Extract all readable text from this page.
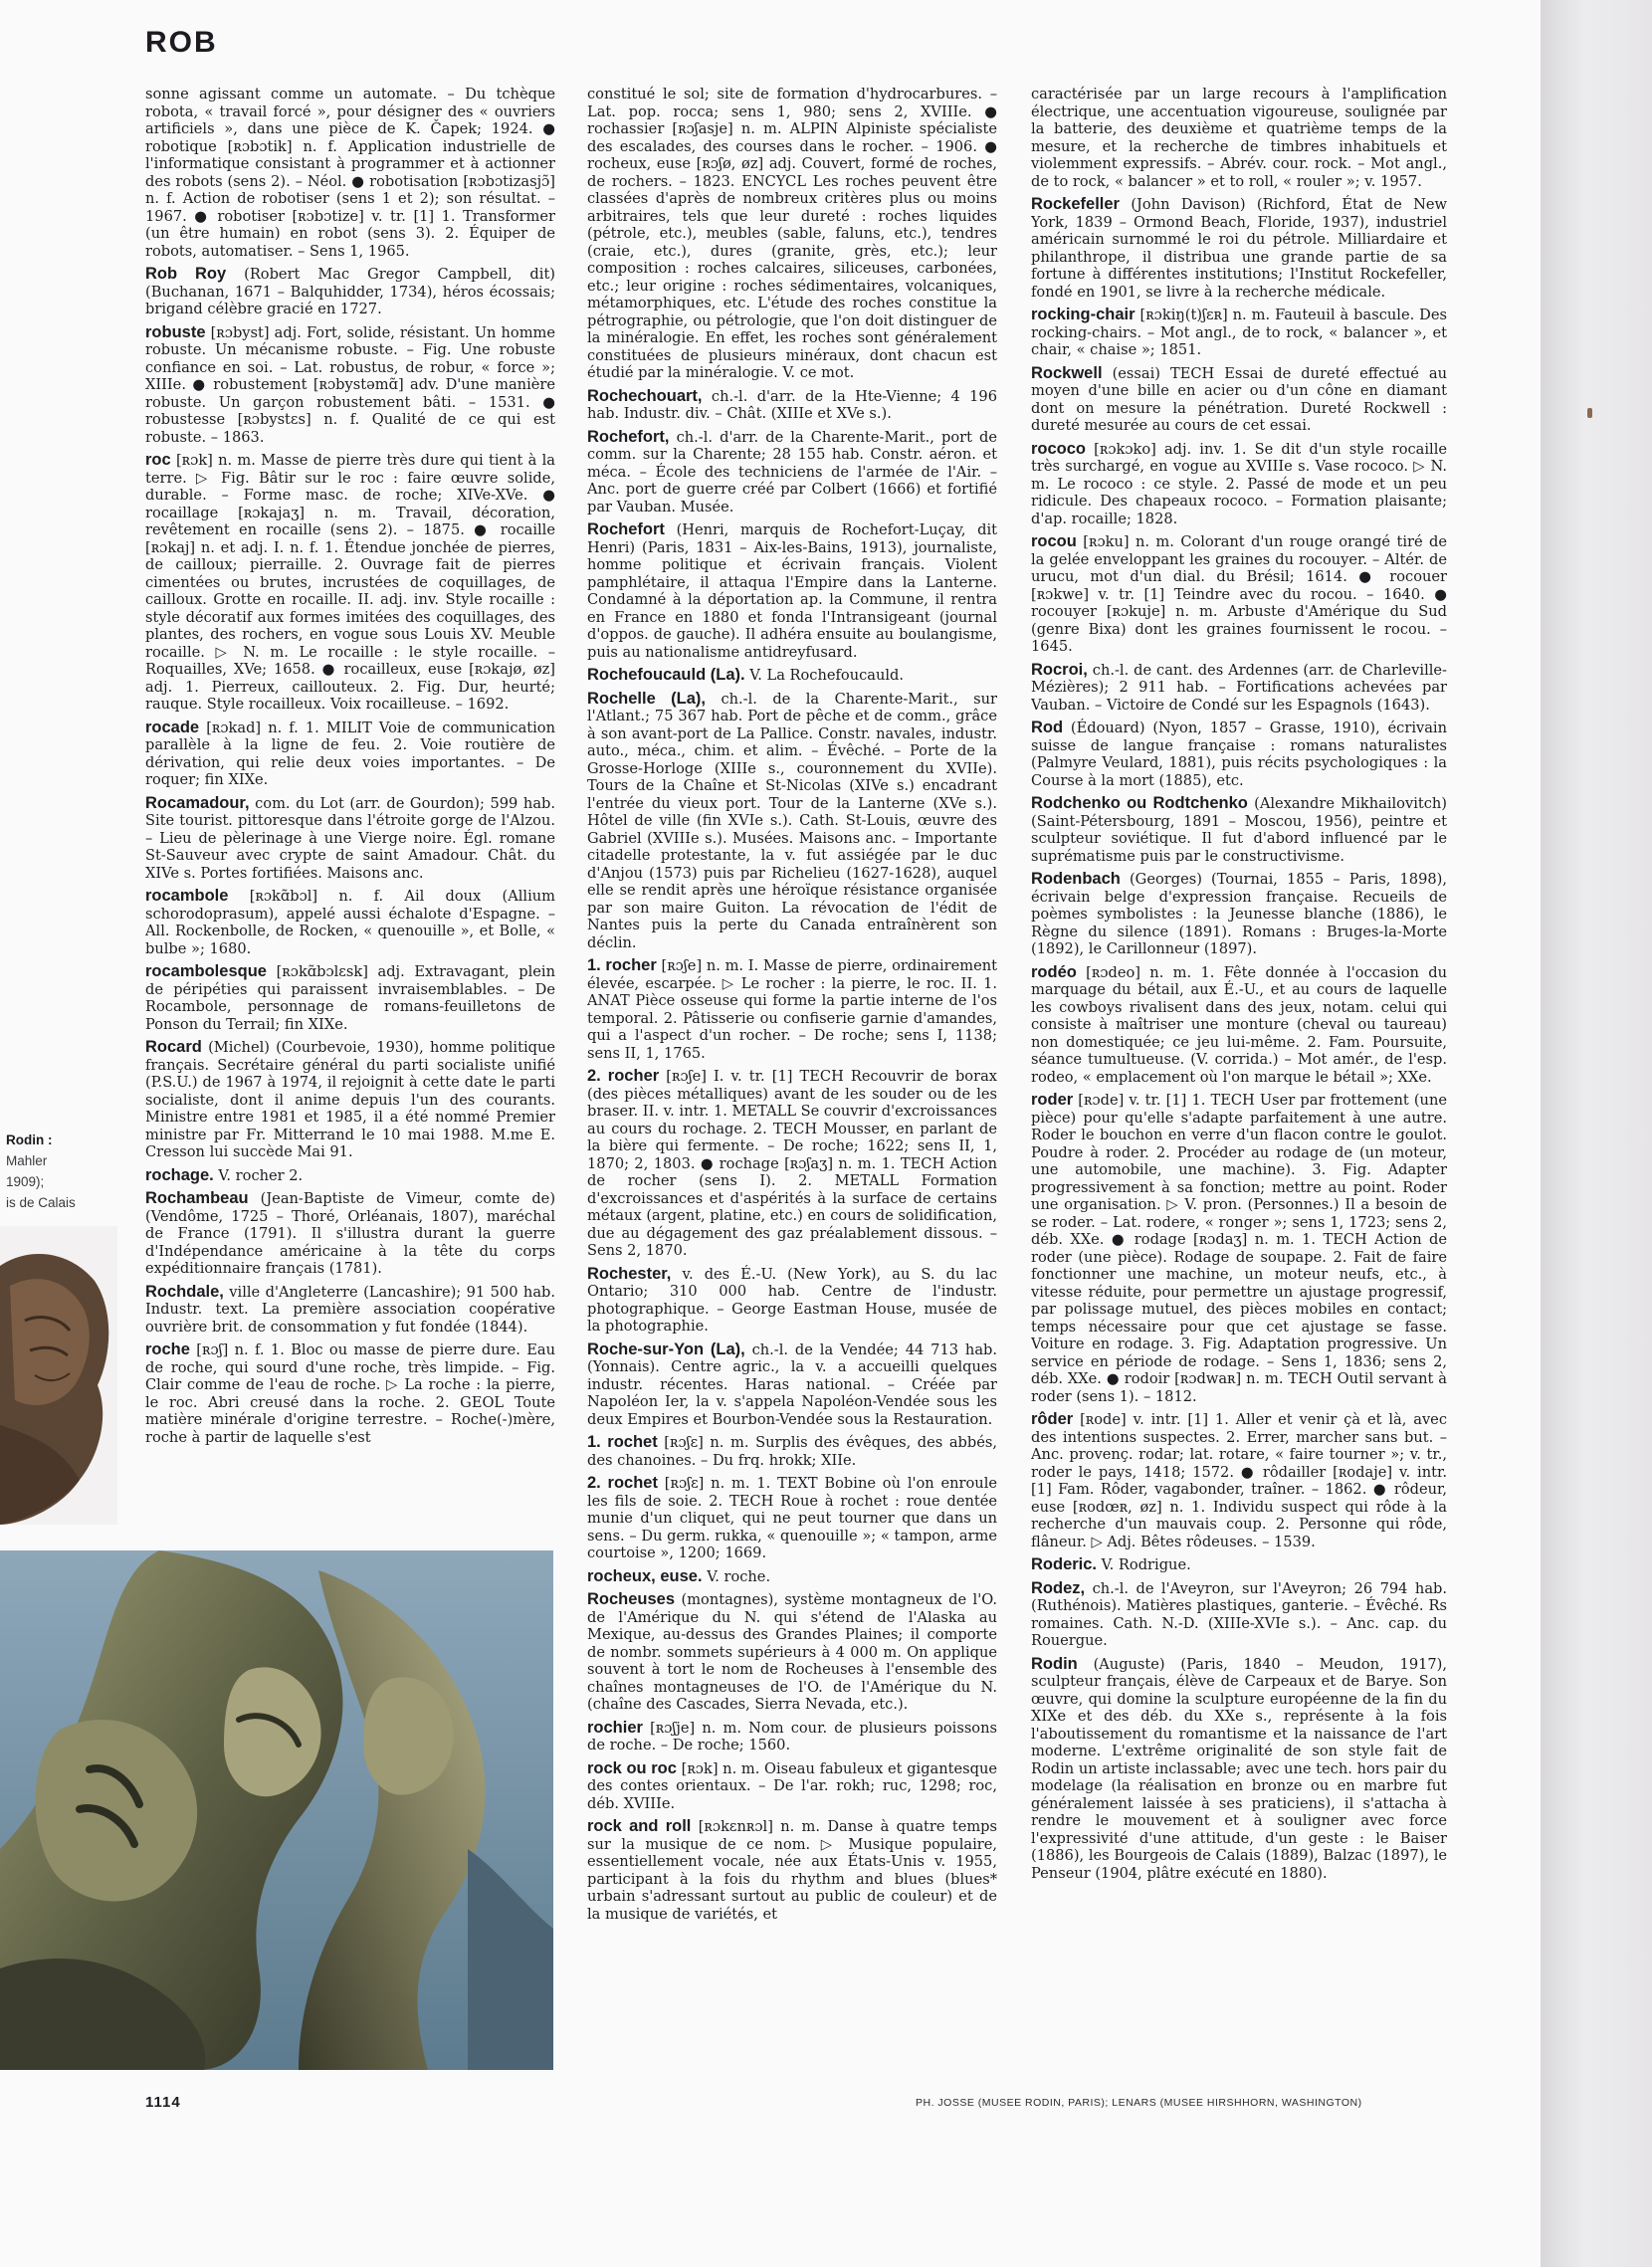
ROB

sonne agissant comme un automate. – Du tchèque robota, « travail forcé », pour désigner des « ouvriers artificiels », dans une pièce de K. Čapek; 1924. ● robotique [ʀɔbɔtik] n. f. Application industrielle de l'informatique consistant à programmer et à actionner des robots (sens 2). – Néol. ● robotisation [ʀɔbɔtizasjɔ̃] n. f. Action de robotiser (sens 1 et 2); son résultat. – 1967. ● robotiser [ʀɔbɔtize] v. tr. [1] 1. Transformer (un être humain) en robot (sens 3). 2. Équiper de robots, automatiser. – Sens 1, 1965.

Rob Roy (Robert Mac Gregor Campbell, dit) (Buchanan, 1671 – Balquhidder, 1734), héros écossais; brigand célèbre gracié en 1727.

robuste [ʀɔbyst] adj. Fort, solide, résistant. Un homme robuste. Un mécanisme robuste. – Fig. Une robuste confiance en soi. – Lat. robustus, de robur, « force »; XIIIe. ● robustement [ʀɔbystəmɑ̃] adv. D'une manière robuste. Un garçon robustement bâti. – 1531. ● robustesse [ʀɔbystɛs] n. f. Qualité de ce qui est robuste. – 1863.

roc [ʀɔk] n. m. Masse de pierre très dure qui tient à la terre. ▷ Fig. Bâtir sur le roc : faire œuvre solide, durable. – Forme masc. de roche; XIVe-XVe. ● rocaillage [ʀɔkajaʒ] n. m. Travail, décoration, revêtement en rocaille (sens 2). – 1875. ● rocaille [ʀɔkaj] n. et adj. I. n. f. 1. Étendue jonchée de pierres, de cailloux; pierraille. 2. Ouvrage fait de pierres cimentées ou brutes, incrustées de coquillages, de cailloux. Grotte en rocaille. II. adj. inv. Style rocaille : style décoratif aux formes imitées des coquillages, des plantes, des rochers, en vogue sous Louis XV. Meuble rocaille. ▷ N. m. Le rocaille : le style rocaille. – Roquailles, XVe; 1658. ● rocailleux, euse [ʀɔkajø, øz] adj. 1. Pierreux, caillouteux. 2. Fig. Dur, heurté; rauque. Style rocailleux. Voix rocailleuse. – 1692.

rocade [ʀɔkad] n. f. 1. MILIT Voie de communication parallèle à la ligne de feu. 2. Voie routière de dérivation, qui relie deux voies importantes. – De roquer; fin XIXe.

Rocamadour, com. du Lot (arr. de Gourdon); 599 hab. Site tourist. pittoresque dans l'étroite gorge de l'Alzou. – Lieu de pèlerinage à une Vierge noire. Égl. romane St-Sauveur avec crypte de saint Amadour. Chât. du XIVe s. Portes fortifiées. Maisons anc.

rocambole [ʀɔkɑ̃bɔl] n. f. Ail doux (Allium schorodoprasum), appelé aussi échalote d'Espagne. – All. Rockenbolle, de Rocken, « quenouille », et Bolle, « bulbe »; 1680.

rocambolesque [ʀɔkɑ̃bɔlɛsk] adj. Extravagant, plein de péripéties qui paraissent invraisemblables. – De Rocambole, personnage de romans-feuilletons de Ponson du Terrail; fin XIXe.

Rocard (Michel) (Courbevoie, 1930), homme politique français. Secrétaire général du parti socialiste unifié (P.S.U.) de 1967 à 1974, il rejoignit à cette date le parti socialiste, dont il anime depuis l'un des courants. Ministre entre 1981 et 1985, il a été nommé Premier ministre par Fr. Mitterrand le 10 mai 1988. M.me E. Cresson lui succède Mai 91.

rochage. V. rocher 2.

Rochambeau (Jean-Baptiste de Vimeur, comte de) (Vendôme, 1725 – Thoré, Orléanais, 1807), maréchal de France (1791). Il s'illustra durant la guerre d'Indépendance américaine à la tête du corps expéditionnaire français (1781).

Rochdale, ville d'Angleterre (Lancashire); 91 500 hab. Industr. text. La première association coopérative ouvrière brit. de consommation y fut fondée (1844).

roche [ʀɔʃ] n. f. 1. Bloc ou masse de pierre dure. Eau de roche, qui sourd d'une roche, très limpide. – Fig. Clair comme de l'eau de roche. ▷ La roche : la pierre, le roc. Abri creusé dans la roche. 2. GEOL Toute matière minérale d'origine terrestre. – Roche(-)mère, roche à partir de laquelle s'est

constitué le sol; site de formation d'hydrocarbures. – Lat. pop. rocca; sens 1, 980; sens 2, XVIIIe. ● rochassier [ʀɔʃasje] n. m. ALPIN Alpiniste spécialiste des escalades, des courses dans le rocher. – 1906. ● rocheux, euse [ʀɔʃø, øz] adj. Couvert, formé de roches, de rochers. – 1823. ENCYCL Les roches peuvent être classées d'après de nombreux critères plus ou moins arbitraires, tels que leur dureté : roches liquides (pétrole, etc.), meubles (sable, faluns, etc.), tendres (craie, etc.), dures (granite, grès, etc.); leur composition : roches calcaires, siliceuses, carbonées, etc.; leur origine : roches sédimentaires, volcaniques, métamorphiques, etc. L'étude des roches constitue la pétrographie, ou pétrologie, que l'on doit distinguer de la minéralogie. En effet, les roches sont généralement constituées de plusieurs minéraux, dont chacun est étudié par la minéralogie. V. ce mot.

Rochechouart, ch.-l. d'arr. de la Hte-Vienne; 4 196 hab. Industr. div. – Chât. (XIIIe et XVe s.).

Rochefort, ch.-l. d'arr. de la Charente-Marit., port de comm. sur la Charente; 28 155 hab. Constr. aéron. et méca. – École des techniciens de l'armée de l'Air. – Anc. port de guerre créé par Colbert (1666) et fortifié par Vauban. Musée.

Rochefort (Henri, marquis de Rochefort-Luçay, dit Henri) (Paris, 1831 – Aix-les-Bains, 1913), journaliste, homme politique et écrivain français. Violent pamphlétaire, il attaqua l'Empire dans la Lanterne. Condamné à la déportation ap. la Commune, il rentra en France en 1880 et fonda l'Intransigeant (journal d'oppos. de gauche). Il adhéra ensuite au boulangisme, puis au nationalisme antidreyfusard.

Rochefoucauld (La). V. La Rochefoucauld.

Rochelle (La), ch.-l. de la Charente-Marit., sur l'Atlant.; 75 367 hab. Port de pêche et de comm., grâce à son avant-port de La Pallice. Constr. navales, industr. auto., méca., chim. et alim. – Évêché. – Porte de la Grosse-Horloge (XIIIe s., couronnement du XVIIe). Tours de la Chaîne et St-Nicolas (XIVe s.) encadrant l'entrée du vieux port. Tour de la Lanterne (XVe s.). Hôtel de ville (fin XVIe s.). Cath. St-Louis, œuvre des Gabriel (XVIIIe s.). Musées. Maisons anc. – Importante citadelle protestante, la v. fut assiégée par le duc d'Anjou (1573) puis par Richelieu (1627-1628), auquel elle se rendit après une héroïque résistance organisée par son maire Guiton. La révocation de l'édit de Nantes puis la perte du Canada entraînèrent son déclin.

1. rocher [ʀɔʃe] n. m. I. Masse de pierre, ordinairement élevée, escarpée. ▷ Le rocher : la pierre, le roc. II. 1. ANAT Pièce osseuse qui forme la partie interne de l'os temporal. 2. Pâtisserie ou confiserie garnie d'amandes, qui a l'aspect d'un rocher. – De roche; sens I, 1138; sens II, 1, 1765.

2. rocher [ʀɔʃe] I. v. tr. [1] TECH Recouvrir de borax (des pièces métalliques) avant de les souder ou de les braser. II. v. intr. 1. METALL Se couvrir d'excroissances au cours du rochage. 2. TECH Mousser, en parlant de la bière qui fermente. – De roche; 1622; sens II, 1, 1870; 2, 1803. ● rochage [ʀɔʃaʒ] n. m. 1. TECH Action de rocher (sens I). 2. METALL Formation d'excroissances et d'aspérités à la surface de certains métaux (argent, platine, etc.) en cours de solidification, due au dégagement des gaz préalablement dissous. – Sens 2, 1870.

Rochester, v. des É.-U. (New York), au S. du lac Ontario; 310 000 hab. Centre de l'industr. photographique. – George Eastman House, musée de la photographie.

Roche-sur-Yon (La), ch.-l. de la Vendée; 44 713 hab. (Yonnais). Centre agric., la v. a accueilli quelques industr. récentes. Haras national. – Créée par Napoléon Ier, la v. s'appela Napoléon-Vendée sous les deux Empires et Bourbon-Vendée sous la Restauration.

1. rochet [ʀɔʃɛ] n. m. Surplis des évêques, des abbés, des chanoines. – Du frq. hrokk; XIIe.

2. rochet [ʀɔʃɛ] n. m. 1. TEXT Bobine où l'on enroule les fils de soie. 2. TECH Roue à rochet : roue dentée munie d'un cliquet, qui ne peut tourner que dans un sens. – Du germ. rukka, « quenouille »; « tampon, arme courtoise », 1200; 1669.

rocheux, euse. V. roche.

Rocheuses (montagnes), système montagneux de l'O. de l'Amérique du N. qui s'étend de l'Alaska au Mexique, au-dessus des Grandes Plaines; il comporte de nombr. sommets supérieurs à 4 000 m. On applique souvent à tort le nom de Rocheuses à l'ensemble des chaînes montagneuses de l'O. de l'Amérique du N. (chaîne des Cascades, Sierra Nevada, etc.).

rochier [ʀɔʃje] n. m. Nom cour. de plusieurs poissons de roche. – De roche; 1560.

rock ou roc [ʀɔk] n. m. Oiseau fabuleux et gigantesque des contes orientaux. – De l'ar. rokh; ruc, 1298; roc, déb. XVIIIe.

rock and roll [ʀɔkɛnʀɔl] n. m. Danse à quatre temps sur la musique de ce nom. ▷ Musique populaire, essentiellement vocale, née aux États-Unis v. 1955, participant à la fois du rhythm and blues (blues* urbain s'adressant surtout au public de couleur) et de la musique de variétés, et

caractérisée par un large recours à l'amplification électrique, une accentuation vigoureuse, soulignée par la batterie, des deuxième et quatrième temps de la mesure, et la recherche de timbres inhabituels et violemment expressifs. – Abrév. cour. rock. – Mot angl., de to rock, « balancer » et to roll, « rouler »; v. 1957.

Rockefeller (John Davison) (Richford, État de New York, 1839 – Ormond Beach, Floride, 1937), industriel américain surnommé le roi du pétrole. Milliardaire et philanthrope, il distribua une grande partie de sa fortune à différentes institutions; l'Institut Rockefeller, fondé en 1901, se livre à la recherche médicale.

rocking-chair [ʀɔkiŋ(t)ʃɛʀ] n. m. Fauteuil à bascule. Des rocking-chairs. – Mot angl., de to rock, « balancer », et chair, « chaise »; 1851.

Rockwell (essai) TECH Essai de dureté effectué au moyen d'une bille en acier ou d'un cône en diamant dont on mesure la pénétration. Dureté Rockwell : dureté mesurée au cours de cet essai.

rococo [ʀɔkɔko] adj. inv. 1. Se dit d'un style rocaille très surchargé, en vogue au XVIIIe s. Vase rococo. ▷ N. m. Le rococo : ce style. 2. Passé de mode et un peu ridicule. Des chapeaux rococo. – Formation plaisante; d'ap. rocaille; 1828.

rocou [ʀɔku] n. m. Colorant d'un rouge orangé tiré de la gelée enveloppant les graines du rocouyer. – Altér. de urucu, mot d'un dial. du Brésil; 1614. ● rocouer [ʀɔkwe] v. tr. [1] Teindre avec du rocou. – 1640. ● rocouyer [ʀɔkuje] n. m. Arbuste d'Amérique du Sud (genre Bixa) dont les graines fournissent le rocou. – 1645.

Rocroi, ch.-l. de cant. des Ardennes (arr. de Charleville-Mézières); 2 911 hab. – Fortifications achevées par Vauban. – Victoire de Condé sur les Espagnols (1643).

Rod (Édouard) (Nyon, 1857 – Grasse, 1910), écrivain suisse de langue française : romans naturalistes (Palmyre Veulard, 1881), puis récits psychologiques : la Course à la mort (1885), etc.

Rodchenko ou Rodtchenko (Alexandre Mikhailovitch) (Saint-Pétersbourg, 1891 – Moscou, 1956), peintre et sculpteur soviétique. Il fut d'abord influencé par le suprématisme puis par le constructivisme.

Rodenbach (Georges) (Tournai, 1855 – Paris, 1898), écrivain belge d'expression française. Recueils de poèmes symbolistes : la Jeunesse blanche (1886), le Règne du silence (1891). Romans : Bruges-la-Morte (1892), le Carillonneur (1897).

rodéo [ʀɔdeo] n. m. 1. Fête donnée à l'occasion du marquage du bétail, aux É.-U., et au cours de laquelle les cowboys rivalisent dans des jeux, notam. celui qui consiste à maîtriser une monture (cheval ou taureau) non domestiquée; ce jeu lui-même. 2. Fam. Poursuite, séance tumultueuse. (V. corrida.) – Mot amér., de l'esp. rodeo, « emplacement où l'on marque le bétail »; XXe.

roder [ʀɔde] v. tr. [1] 1. TECH User par frottement (une pièce) pour qu'elle s'adapte parfaitement à une autre. Roder le bouchon en verre d'un flacon contre le goulot. Poudre à roder. 2. Procéder au rodage de (un moteur, une automobile, une machine). 3. Fig. Adapter progressivement à sa fonction; mettre au point. Roder une organisation. ▷ V. pron. (Personnes.) Il a besoin de se roder. – Lat. rodere, « ronger »; sens 1, 1723; sens 2, déb. XXe. ● rodage [ʀɔdaʒ] n. m. 1. TECH Action de roder (une pièce). Rodage de soupape. 2. Fait de faire fonctionner une machine, un moteur neufs, etc., à vitesse réduite, pour permettre un ajustage progressif, par polissage mutuel, des pièces mobiles en contact; temps nécessaire pour que cet ajustage se fasse. Voiture en rodage. 3. Fig. Adaptation progressive. Un service en période de rodage. – Sens 1, 1836; sens 2, déb. XXe. ● rodoir [ʀɔdwaʀ] n. m. TECH Outil servant à roder (sens 1). – 1812.

rôder [ʀode] v. intr. [1] 1. Aller et venir çà et là, avec des intentions suspectes. 2. Errer, marcher sans but. – Anc. provenç. rodar; lat. rotare, « faire tourner »; v. tr., roder le pays, 1418; 1572. ● rôdailler [ʀodaje] v. intr. [1] Fam. Rôder, vagabonder, traîner. – 1862. ● rôdeur, euse [ʀodœʀ, øz] n. 1. Individu suspect qui rôde à la recherche d'un mauvais coup. 2. Personne qui rôde, flâneur. ▷ Adj. Bêtes rôdeuses. – 1539.

Roderic. V. Rodrigue.

Rodez, ch.-l. de l'Aveyron, sur l'Aveyron; 26 794 hab. (Ruthénois). Matières plastiques, ganterie. – Évêché. Rs romaines. Cath. N.-D. (XIIIe-XVIe s.). – Anc. cap. du Rouergue.

Rodin (Auguste) (Paris, 1840 – Meudon, 1917), sculpteur français, élève de Carpeaux et de Barye. Son œuvre, qui domine la sculpture européenne de la fin du XIXe et des déb. du XXe s., représente à la fois l'aboutissement du romantisme et la naissance de l'art moderne. L'extrême originalité de son style fait de Rodin un artiste inclassable; avec une tech. hors pair du modelage (la réalisation en bronze ou en marbre fut généralement laissée à ses praticiens), il s'attacha à rendre le mouvement et à souligner avec force l'expressivité d'une attitude, d'un geste : le Baiser (1886), les Bourgeois de Calais (1889), Balzac (1897), le Penseur (1904, plâtre exécuté en 1880).

Rodin :
Mahler
1909);
is de Calais
1114	PH. JOSSE (MUSEE RODIN, PARIS); LENARS (MUSEE HIRSHHORN, WASHINGTON)
